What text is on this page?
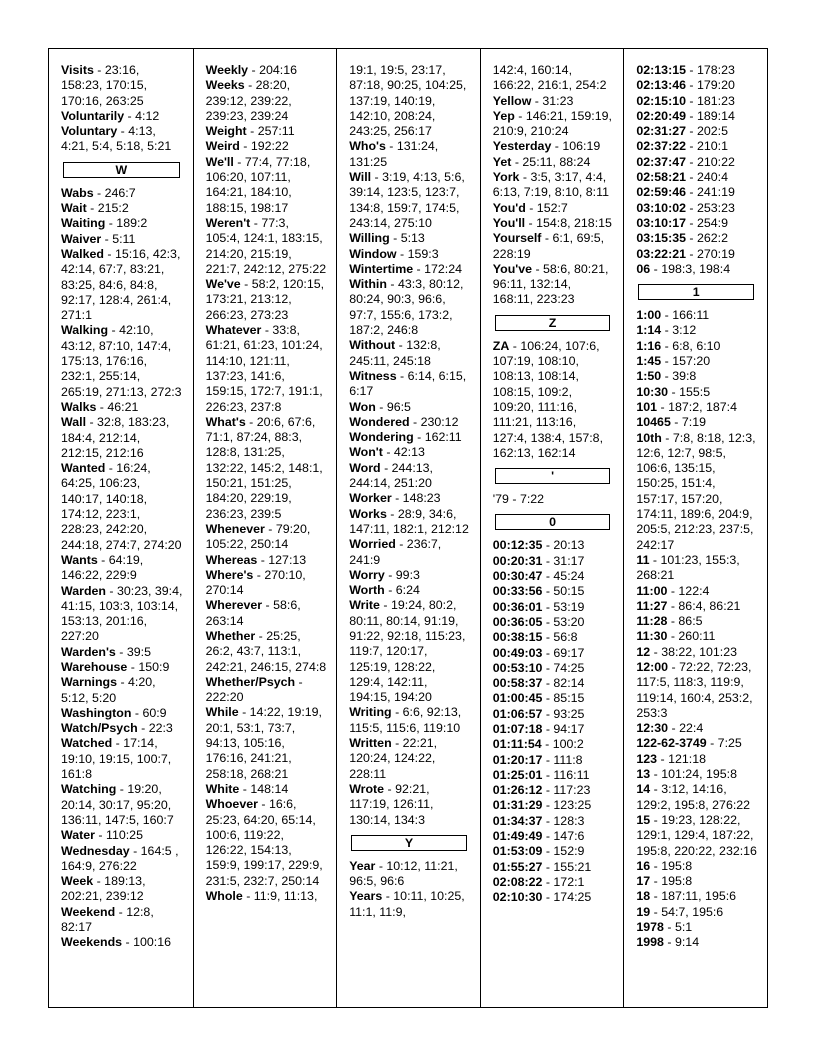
Visits - 23:16, 158:23, 170:15, 170:16, 263:25

Voluntarily - 4:12

Voluntary - 4:13, 4:21, 5:4, 5:18, 5:21

W

Wabs - 246:7

Wait - 215:2

Waiting - 189:2

Waiver - 5:11

Walked - 15:16, 42:3, 42:14, 67:7, 83:21, 83:25, 84:6, 84:8, 92:17, 128:4, 261:4, 271:1

Walking - 42:10, 43:12, 87:10, 147:4, 175:13, 176:16, 232:1, 255:14, 265:19, 271:13, 272:3

Walks - 46:21

Wall - 32:8, 183:23, 184:4, 212:14, 212:15, 212:16

Wanted - 16:24, 64:25, 106:23, 140:17, 140:18, 174:12, 223:1, 228:23, 242:20, 244:18, 274:7, 274:20

Wants - 64:19, 146:22, 229:9

Warden - 30:23, 39:4, 41:15, 103:3, 103:14, 153:13, 201:16, 227:20

Warden's - 39:5

Warehouse - 150:9

Warnings - 4:20, 5:12, 5:20

Washington - 60:9

Watch/Psych - 22:3

Watched - 17:14, 19:10, 19:15, 100:7, 161:8

Watching - 19:20, 20:14, 30:17, 95:20, 136:11, 147:5, 160:7

Water - 110:25

Wednesday - 164:5 , 164:9, 276:22

Week - 189:13, 202:21, 239:12

Weekend - 12:8, 82:17

Weekends - 100:16

Weekly - 204:16

Weeks - 28:20, 239:12, 239:22, 239:23, 239:24

Weight - 257:11

Weird - 192:22

We'll - 77:4, 77:18, 106:20, 107:11, 164:21, 184:10, 188:15, 198:17

Weren't - 77:3, 105:4, 124:1, 183:15, 214:20, 215:19, 221:7, 242:12, 275:22

We've - 58:2, 120:15, 173:21, 213:12, 266:23, 273:23

Whatever - 33:8, 61:21, 61:23, 101:24, 114:10, 121:11, 137:23, 141:6, 159:15, 172:7, 191:1, 226:23, 237:8

What's - 20:6, 67:6, 71:1, 87:24, 88:3, 128:8, 131:25, 132:22, 145:2, 148:1, 150:21, 151:25, 184:20, 229:19, 236:23, 239:5

Whenever - 79:20, 105:22, 250:14

Whereas - 127:13

Where's - 270:10, 270:14

Wherever - 58:6, 263:14

Whether - 25:25, 26:2, 43:7, 113:1, 242:21, 246:15, 274:8

Whether/Psych - 222:20

While - 14:22, 19:19, 20:1, 53:1, 73:7, 94:13, 105:16, 176:16, 241:21, 258:18, 268:21

White - 148:14

Whoever - 16:6, 25:23, 64:20, 65:14, 100:6, 119:22, 126:22, 154:13, 159:9, 199:17, 229:9, 231:5, 232:7, 250:14

Whole - 11:9, 11:13,

19:1, 19:5, 23:17, 87:18, 90:25, 104:25, 137:19, 140:19, 142:10, 208:24, 243:25, 256:17

Who's - 131:24, 131:25

Will - 3:19, 4:13, 5:6, 39:14, 123:5, 123:7, 134:8, 159:7, 174:5, 243:14, 275:10

Willing - 5:13

Window - 159:3

Wintertime - 172:24

Within - 43:3, 80:12, 80:24, 90:3, 96:6, 97:7, 155:6, 173:2, 187:2, 246:8

Without - 132:8, 245:11, 245:18

Witness - 6:14, 6:15, 6:17

Won - 96:5

Wondered - 230:12

Wondering - 162:11

Won't - 42:13

Word - 244:13, 244:14, 251:20

Worker - 148:23

Works - 28:9, 34:6, 147:11, 182:1, 212:12

Worried - 236:7, 241:9

Worry - 99:3

Worth - 6:24

Write - 19:24, 80:2, 80:11, 80:14, 91:19, 91:22, 92:18, 115:23, 119:7, 120:17, 125:19, 128:22, 129:4, 142:11, 194:15, 194:20

Writing - 6:6, 92:13, 115:5, 115:6, 119:10

Written - 22:21, 120:24, 124:22, 228:11

Wrote - 92:21, 117:19, 126:11, 130:14, 134:3

Y

Year - 10:12, 11:21, 96:5, 96:6

Years - 10:11, 10:25, 11:1, 11:9,

142:4, 160:14, 166:22, 216:1, 254:2

Yellow - 31:23

Yep - 146:21, 159:19, 210:9, 210:24

Yesterday - 106:19

Yet - 25:11, 88:24

York - 3:5, 3:17, 4:4, 6:13, 7:19, 8:10, 8:11

You'd - 152:7

You'll - 154:8, 218:15

Yourself - 6:1, 69:5, 228:19

You've - 58:6, 80:21, 96:11, 132:14, 168:11, 223:23

Z

ZA - 106:24, 107:6, 107:19, 108:10, 108:13, 108:14, 108:15, 109:2, 109:20, 111:16, 111:21, 113:16, 127:4, 138:4, 157:8, 162:13, 162:14

'

'79 - 7:22

0

00:12:35 - 20:13

00:20:31 - 31:17

00:30:47 - 45:24

00:33:56 - 50:15

00:36:01 - 53:19

00:36:05 - 53:20

00:38:15 - 56:8

00:49:03 - 69:17

00:53:10 - 74:25

00:58:37 - 82:14

01:00:45 - 85:15

01:06:57 - 93:25

01:07:18 - 94:17

01:11:54 - 100:2

01:20:17 - 111:8

01:25:01 - 116:11

01:26:12 - 117:23

01:31:29 - 123:25

01:34:37 - 128:3

01:49:49 - 147:6

01:53:09 - 152:9

01:55:27 - 155:21

02:08:22 - 172:1

02:10:30 - 174:25

02:13:15 - 178:23

02:13:46 - 179:20

02:15:10 - 181:23

02:20:49 - 189:14

02:31:27 - 202:5

02:37:22 - 210:1

02:37:47 - 210:22

02:58:21 - 240:4

02:59:46 - 241:19

03:10:02 - 253:23

03:10:17 - 254:9

03:15:35 - 262:2

03:22:21 - 270:19

06 - 198:3, 198:4

1

1:00 - 166:11

1:14 - 3:12

1:16 - 6:8, 6:10

1:45 - 157:20

1:50 - 39:8

10:30 - 155:5

101 - 187:2, 187:4

10465 - 7:19

10th - 7:8, 8:18, 12:3, 12:6, 12:7, 98:5, 106:6, 135:15, 150:25, 151:4, 157:17, 157:20, 174:11, 189:6, 204:9, 205:5, 212:23, 237:5, 242:17

11 - 101:23, 155:3, 268:21

11:00 - 122:4

11:27 - 86:4, 86:21

11:28 - 86:5

11:30 - 260:11

12 - 38:22, 101:23

12:00 - 72:22, 72:23, 117:5, 118:3, 119:9, 119:14, 160:4, 253:2, 253:3

12:30 - 22:4

122-62-3749 - 7:25

123 - 121:18

13 - 101:24, 195:8

14 - 3:12, 14:16, 129:2, 195:8, 276:22

15 - 19:23, 128:22, 129:1, 129:4, 187:22, 195:8, 220:22, 232:16

16 - 195:8

17 - 195:8

18 - 187:11, 195:6

19 - 54:7, 195:6

1978 - 5:1

1998 - 9:14
